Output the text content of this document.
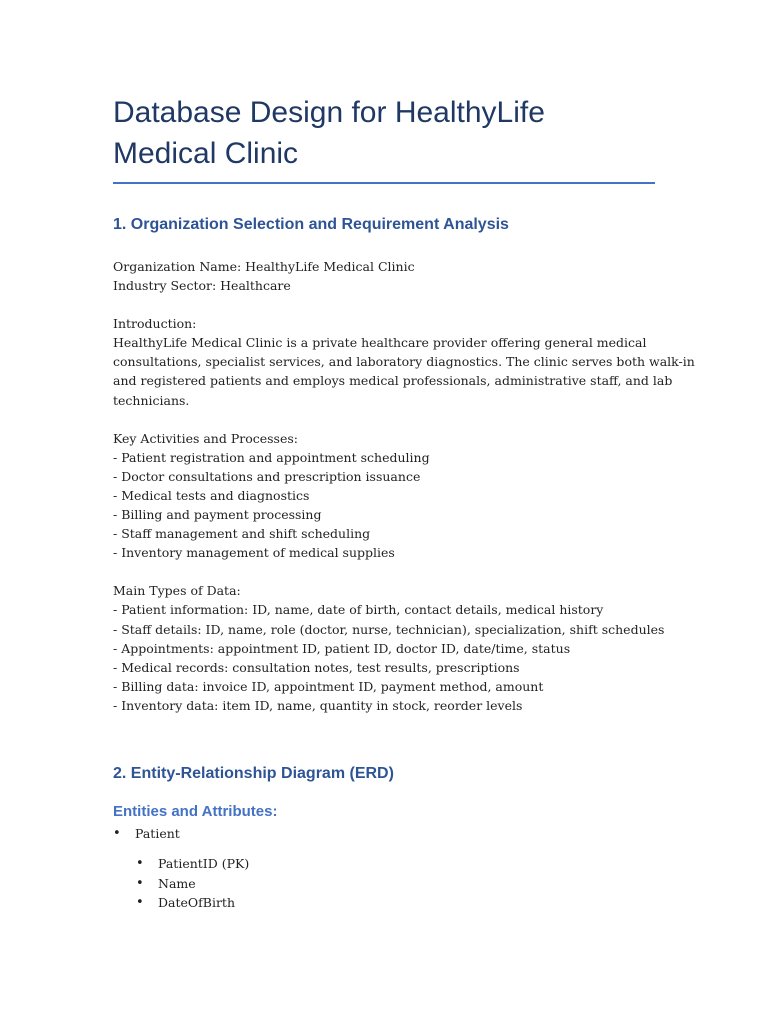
Database Design for HealthyLife
Medical Clinic
1. Organization Selection and Requirement Analysis
Organization Name: HealthyLife Medical Clinic
Industry Sector: Healthcare
Introduction:
HealthyLife Medical Clinic is a private healthcare provider offering general medical
consultations, specialist services, and laboratory diagnostics. The clinic serves both walk-in
and registered patients and employs medical professionals, administrative staff, and lab
technicians.
Key Activities and Processes:
- Patient registration and appointment scheduling
- Doctor consultations and prescription issuance
- Medical tests and diagnostics
- Billing and payment processing
- Staff management and shift scheduling
- Inventory management of medical supplies
Main Types of Data:
- Patient information: ID, name, date of birth, contact details, medical history
- Staff details: ID, name, role (doctor, nurse, technician), specialization, shift schedules
- Appointments: appointment ID, patient ID, doctor ID, date/time, status
- Medical records: consultation notes, test results, prescriptions
- Billing data: invoice ID, appointment ID, payment method, amount
- Inventory data: item ID, name, quantity in stock, reorder levels
2. Entity-Relationship Diagram (ERD)
Entities and Attributes:
• Patient
• PatientID (PK)
• Name
• DateOfBirth
